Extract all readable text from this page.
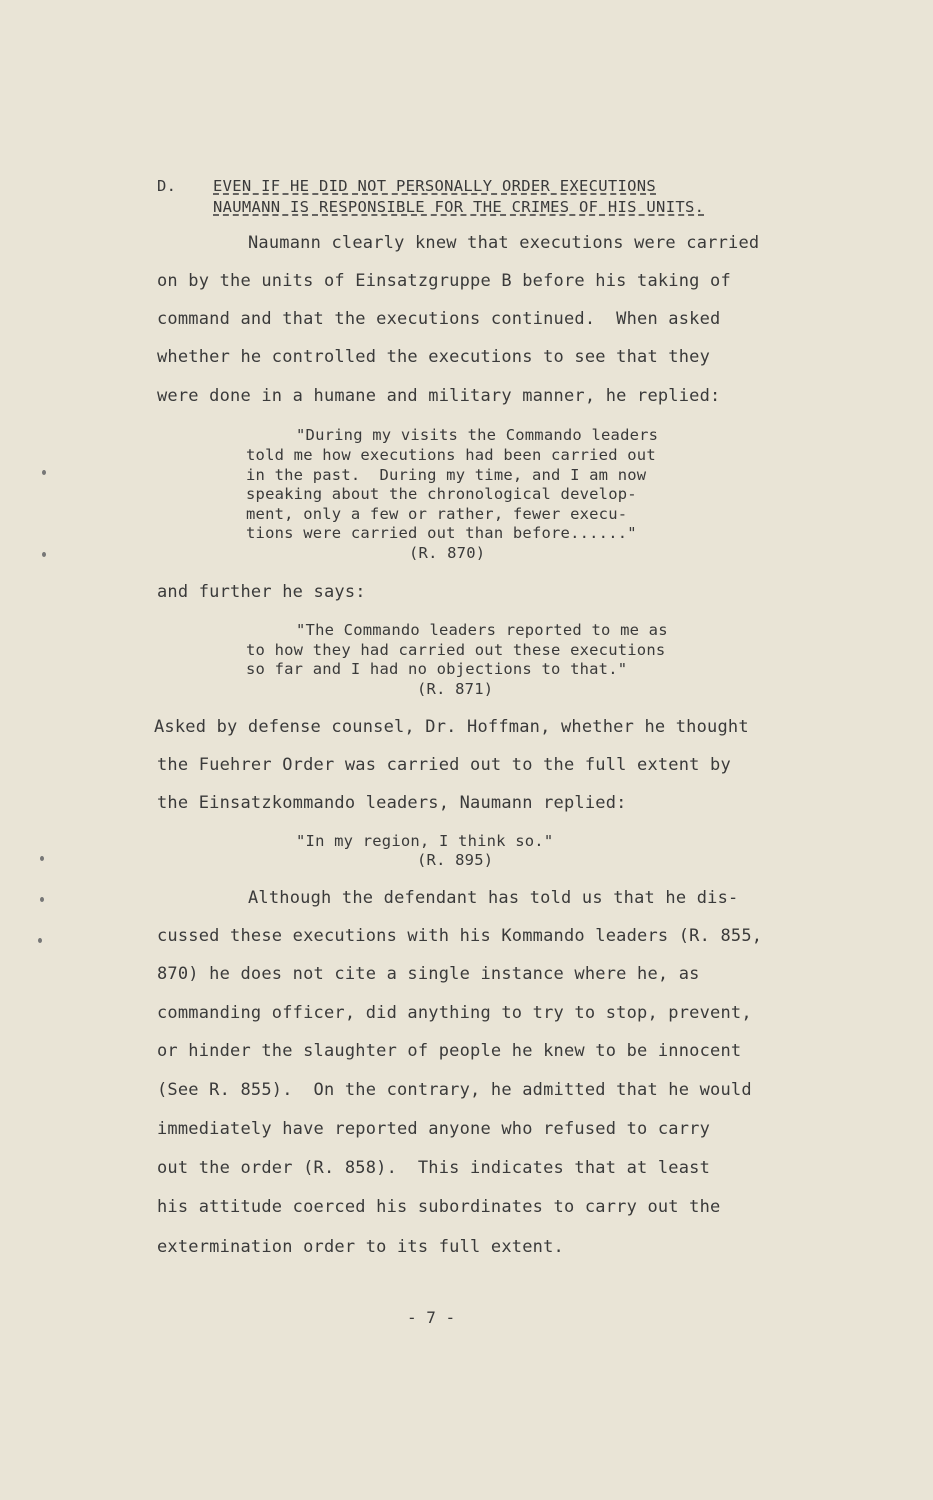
D. EVEN IF HE DID NOT PERSONALLY ORDER EXECUTIONS
NAUMANN IS RESPONSIBLE FOR THE CRIMES OF HIS UNITS.
Naumann clearly knew that executions were carried
on by the units of Einsatzgruppe B before his taking of
command and that the executions continued.  When asked
whether he controlled the executions to see that they
were done in a humane and military manner, he replied:
"During my visits the Commando leaders
told me how executions had been carried out
in the past.  During my time, and I am now
speaking about the chronological develop-
ment, only a few or rather, fewer execu-
tions were carried out than before......"
(R. 870)
and further he says:
"The Commando leaders reported to me as
to how they had carried out these executions
so far and I had no objections to that."
(R. 871)
Asked by defense counsel, Dr. Hoffman, whether he thought
the Fuehrer Order was carried out to the full extent by
the Einsatzkommando leaders, Naumann replied:
"In my region, I think so."
(R. 895)
Although the defendant has told us that he dis-
cussed these executions with his Kommando leaders (R. 855,
870) he does not cite a single instance where he, as
commanding officer, did anything to try to stop, prevent,
or hinder the slaughter of people he knew to be innocent
(See R. 855).  On the contrary, he admitted that he would
immediately have reported anyone who refused to carry
out the order (R. 858).  This indicates that at least
his attitude coerced his subordinates to carry out the
extermination order to its full extent.
- 7 -
